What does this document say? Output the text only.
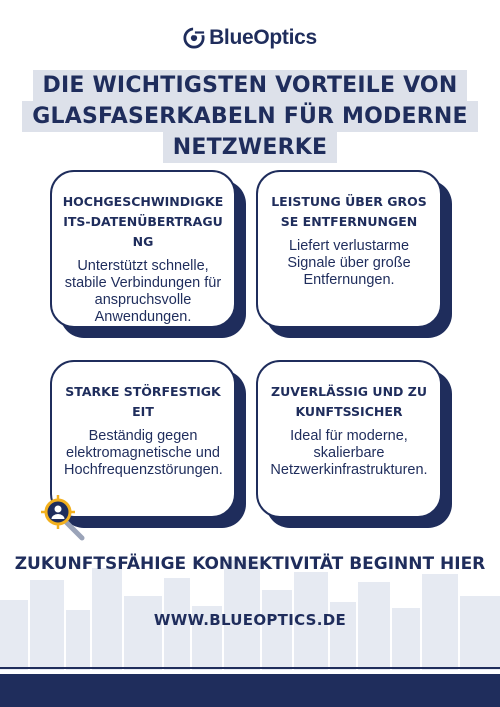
BlueOptics
DIE WICHTIGSTEN VORTEILE VON
GLASFASERKABELN FÜR MODERNE
NETZWERKE
HOCHGESCHWINDIGKEITS-DATENÜBERTRAGUNG
Unterstützt schnelle, stabile Verbindungen für anspruchsvolle Anwendungen.
LEISTUNG ÜBER GROSSE ENTFERNUNGEN
Liefert verlustarme Signale über große Entfernungen.
STARKE STÖRFESTIGKEIT
Beständig gegen elektromagnetische und Hochfrequenzstörungen.
ZUVERLÄSSIG UND ZUKUNFTSSICHER
Ideal für moderne, skalierbare Netzwerkinfrastrukturen.
ZUKUNFTSFÄHIGE KONNEKTIVITÄT BEGINNT HIER
WWW.BLUEOPTICS.DE
